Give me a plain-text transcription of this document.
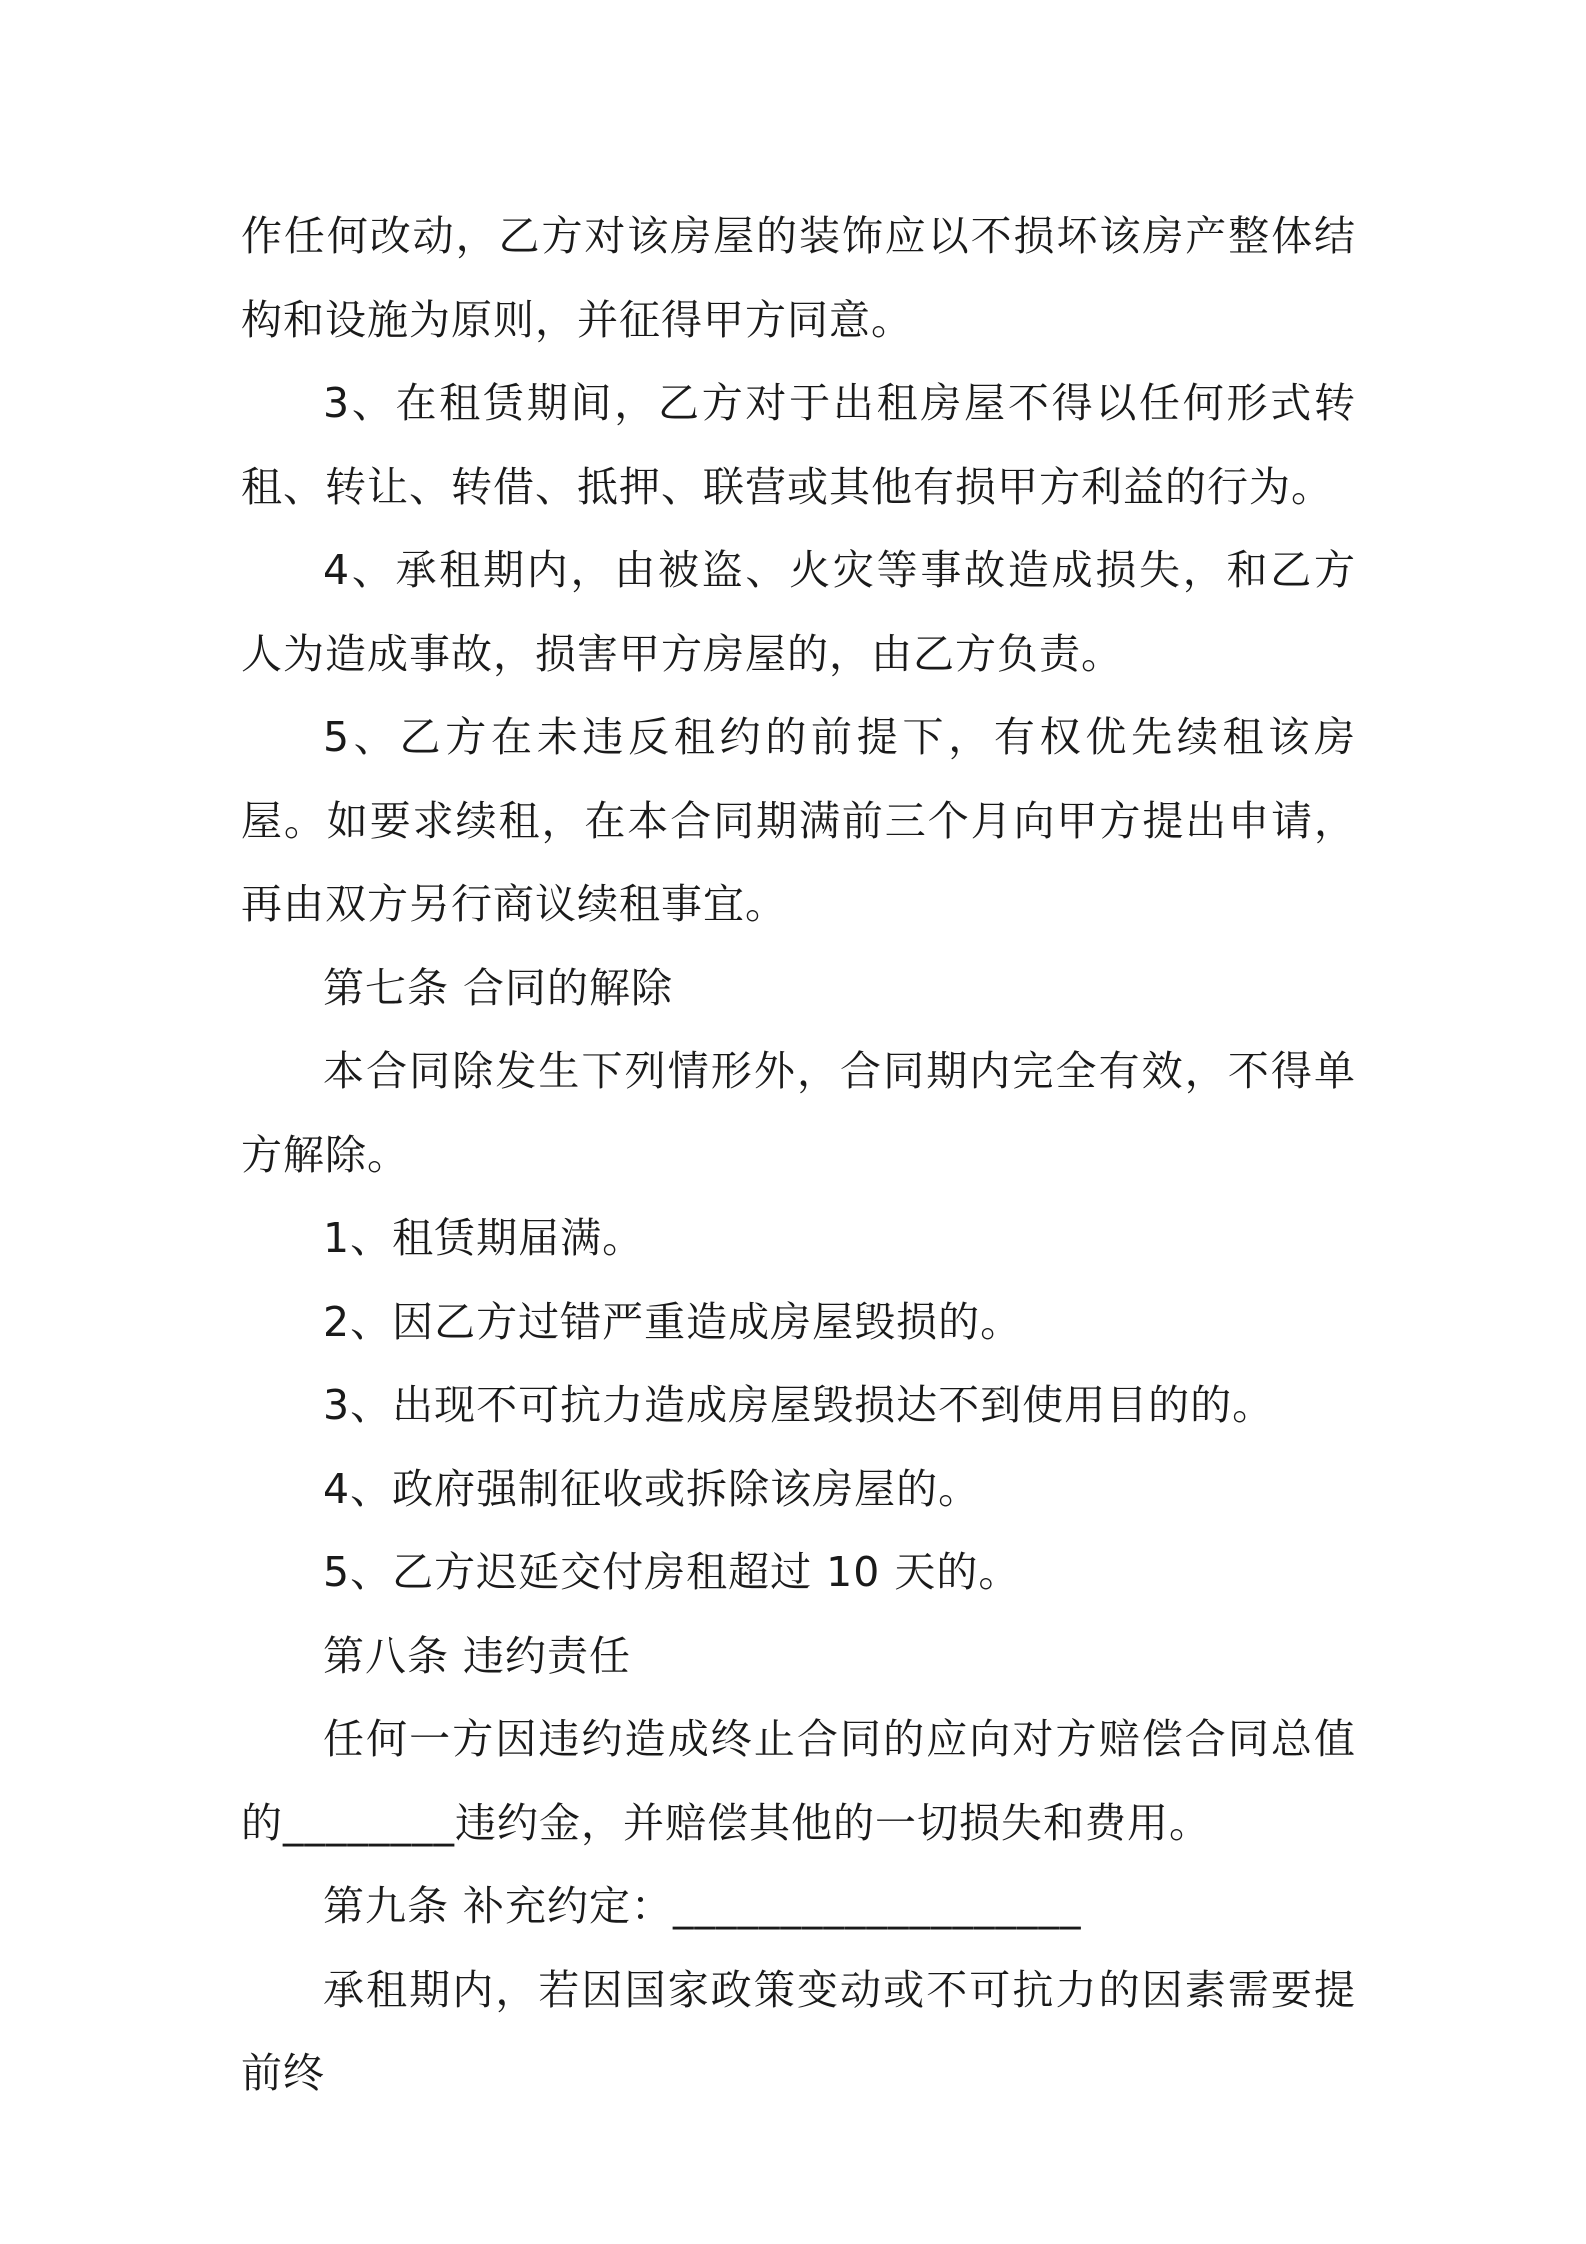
作任何改动，乙方对该房屋的装饰应以不损坏该房产整体结构和设施为原则，并征得甲方同意。

3、在租赁期间，乙方对于出租房屋不得以任何形式转租、转让、转借、抵押、联营或其他有损甲方利益的行为。

4、承租期内，由被盗、火灾等事故造成损失，和乙方人为造成事故，损害甲方房屋的，由乙方负责。

5、乙方在未违反租约的前提下，有权优先续租该房屋。如要求续租，在本合同期满前三个月向甲方提出申请，再由双方另行商议续租事宜。

第七条 合同的解除

本合同除发生下列情形外，合同期内完全有效，不得单方解除。

1、租赁期届满。

2、因乙方过错严重造成房屋毁损的。

3、出现不可抗力造成房屋毁损达不到使用目的的。

4、政府强制征收或拆除该房屋的。

5、乙方迟延交付房租超过 10 天的。

第八条 违约责任

任何一方因违约造成终止合同的应向对方赔偿合同总值的________违约金，并赔偿其他的一切损失和费用。

第九条 补充约定：___________________

承租期内，若因国家政策变动或不可抗力的因素需要提前终
